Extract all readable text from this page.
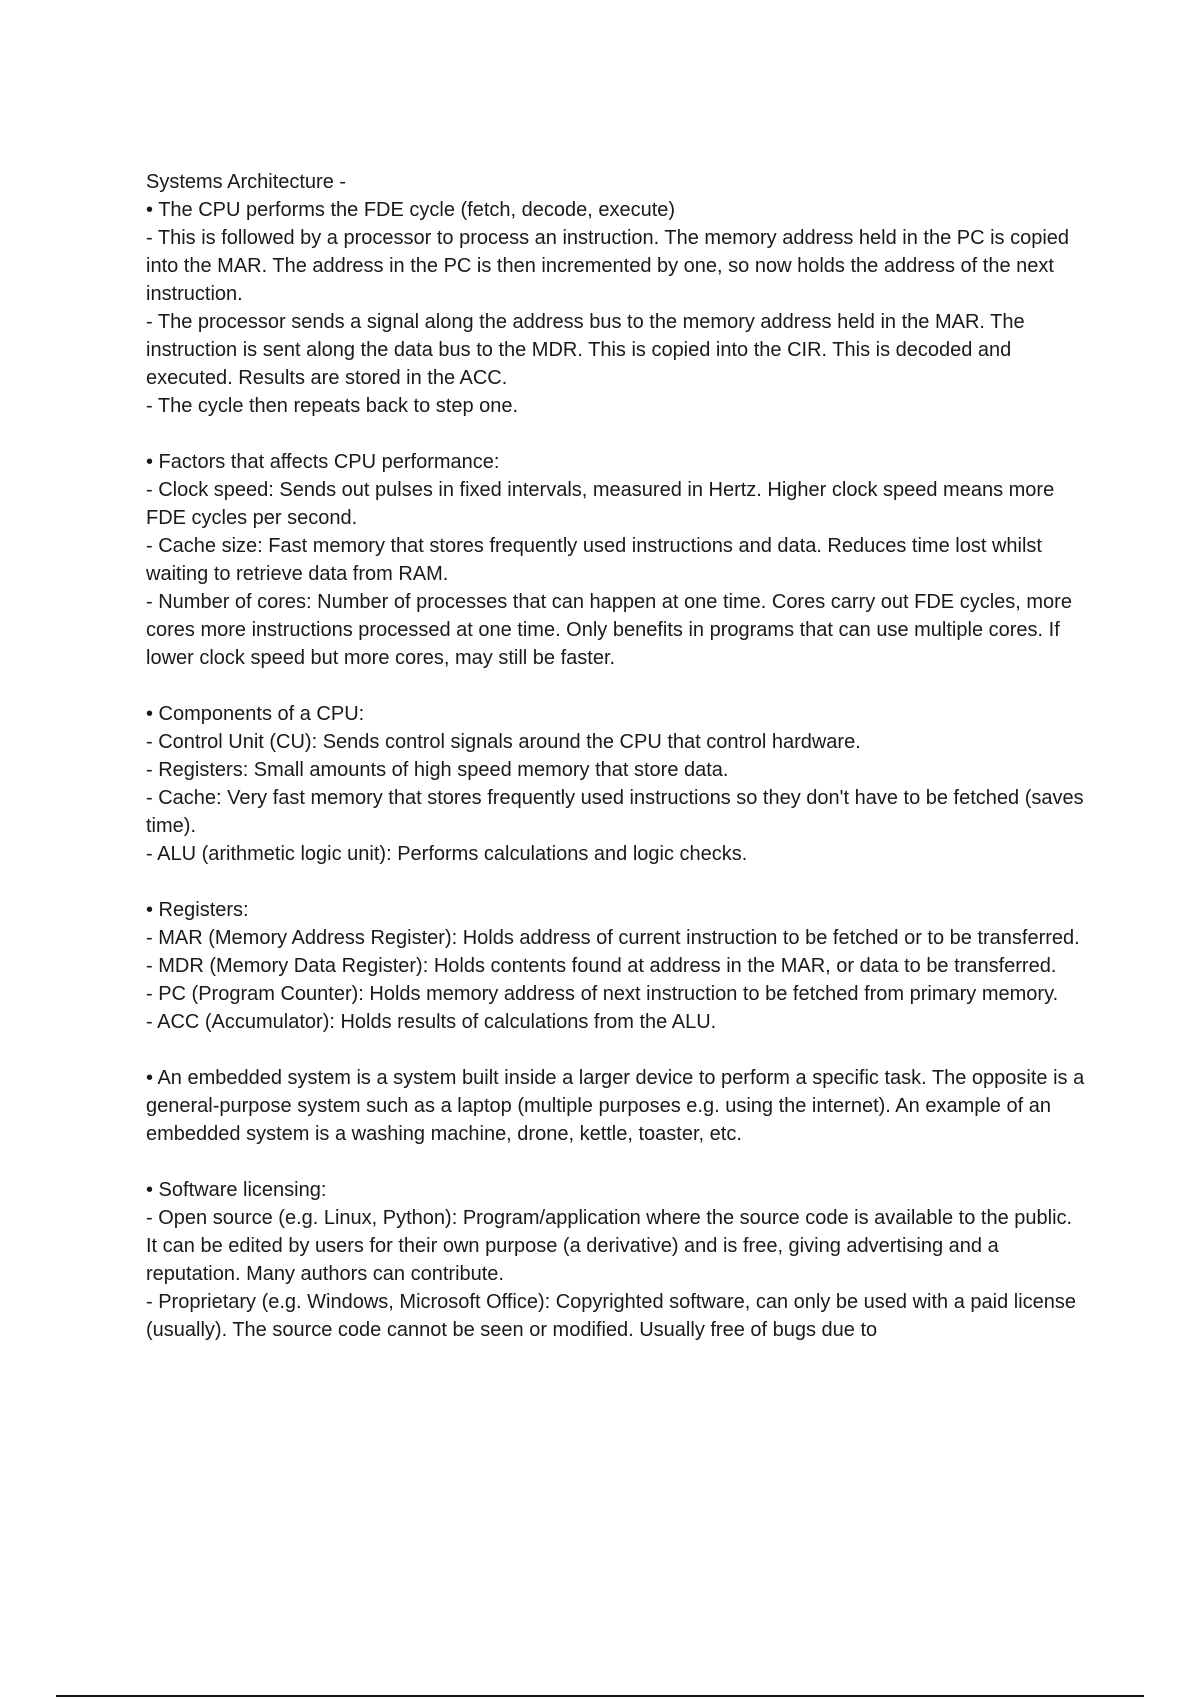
Systems Architecture -

• The CPU performs the FDE cycle (fetch, decode, execute)

- This is followed by a processor to process an instruction. The memory address held in the PC is copied into the MAR. The address in the PC is then incremented by one, so now holds the address of the next instruction.

- The processor sends a signal along the address bus to the memory address held in the MAR. The instruction is sent along the data bus to the MDR. This is copied into the CIR. This is decoded and executed. Results are stored in the ACC.

- The cycle then repeats back to step one.

• Factors that affects CPU performance:

- Clock speed: Sends out pulses in fixed intervals, measured in Hertz. Higher clock speed means more FDE cycles per second.

- Cache size: Fast memory that stores frequently used instructions and data. Reduces time lost whilst waiting to retrieve data from RAM.

- Number of cores: Number of processes that can happen at one time. Cores carry out FDE cycles, more cores more instructions processed at one time. Only benefits in programs that can use multiple cores. If lower clock speed but more cores, may still be faster.

• Components of a CPU:

- Control Unit (CU): Sends control signals around the CPU that control hardware.

- Registers: Small amounts of high speed memory that store data.

- Cache: Very fast memory that stores frequently used instructions so they don't have to be fetched (saves time).

- ALU (arithmetic logic unit): Performs calculations and logic checks.

• Registers:

- MAR (Memory Address Register): Holds address of current instruction to be fetched or to be transferred.

- MDR (Memory Data Register): Holds contents found at address in the MAR, or data to be transferred.

- PC (Program Counter): Holds memory address of next instruction to be fetched from primary memory.

- ACC (Accumulator): Holds results of calculations from the ALU.

• An embedded system is a system built inside a larger device to perform a specific task. The opposite is a general-purpose system such as a laptop (multiple purposes e.g. using the internet). An example of an embedded system is a washing machine, drone, kettle, toaster, etc.

• Software licensing:

- Open source (e.g. Linux, Python): Program/application where the source code is available to the public. It can be edited by users for their own purpose (a derivative) and is free, giving advertising and a reputation. Many authors can contribute.

- Proprietary (e.g. Windows, Microsoft Office): Copyrighted software, can only be used with a paid license (usually). The source code cannot be seen or modified. Usually free of bugs due to
